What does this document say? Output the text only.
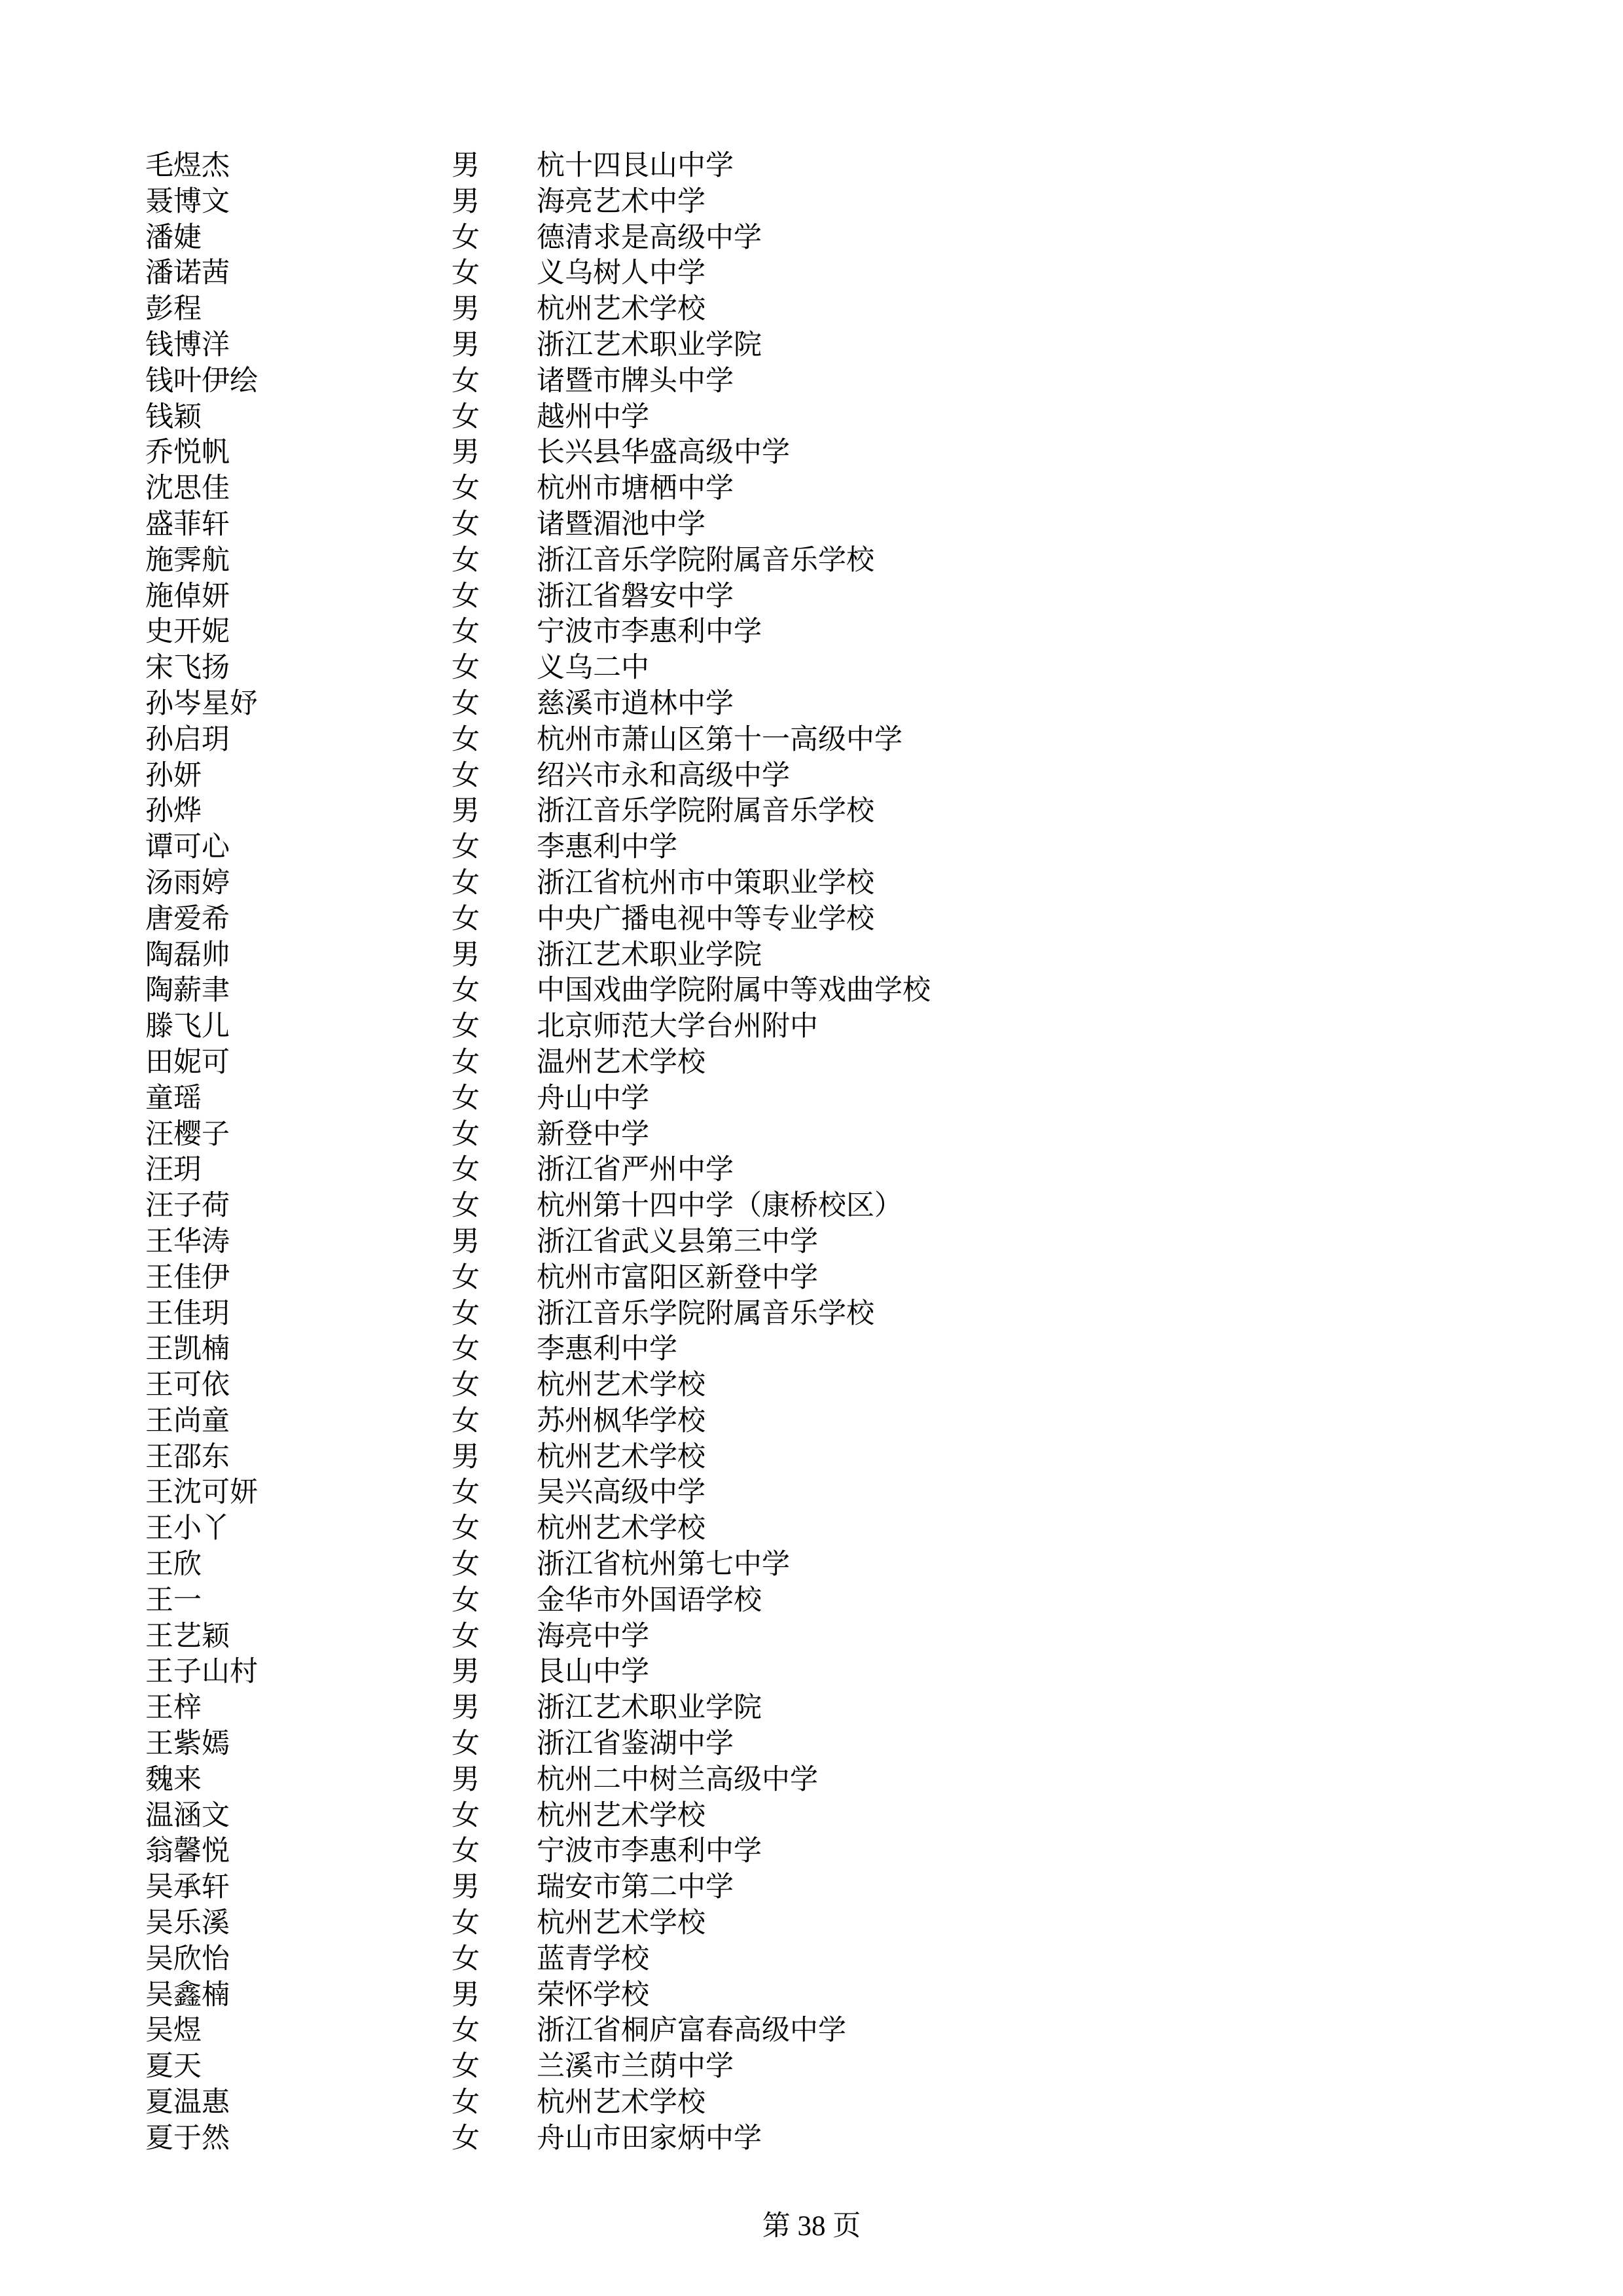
毛煜杰	男 杭十四艮山中学
聂博文	男 海亮艺术中学
潘婕	女 德清求是高级中学
潘诺茜	女 义乌树人中学
彭程	男 杭州艺术学校
钱博洋	男 浙江艺术职业学院
钱叶伊绘	女 诸暨市牌头中学
钱颖	女 越州中学
乔悦帆	男 长兴县华盛高级中学
沈思佳	女 杭州市塘栖中学
盛菲轩	女 诸暨湄池中学
施霁航	女 浙江音乐学院附属音乐学校
施倬妍	女 浙江省磐安中学
史开妮	女 宁波市李惠利中学
宋飞扬	女 义乌二中
孙岑星妤	女 慈溪市逍林中学
孙启玥	女 杭州市萧山区第十一高级中学
孙妍	女 绍兴市永和高级中学
孙烨	男 浙江音乐学院附属音乐学校
谭可心	女 李惠利中学
汤雨婷	女 浙江省杭州市中策职业学校
唐爱希	女 中央广播电视中等专业学校
陶磊帅	男 浙江艺术职业学院
陶薪聿	女 中国戏曲学院附属中等戏曲学校
滕飞儿	女 北京师范大学台州附中
田妮可	女 温州艺术学校
童瑶	女 舟山中学
汪樱子	女 新登中学
汪玥	女 浙江省严州中学
汪子荷	女 杭州第十四中学（康桥校区）
王华涛	男 浙江省武义县第三中学
王佳伊	女 杭州市富阳区新登中学
王佳玥	女 浙江音乐学院附属音乐学校
王凯楠	女 李惠利中学
王可依	女 杭州艺术学校
王尚童	女 苏州枫华学校
王邵东	男 杭州艺术学校
王沈可妍	女 吴兴高级中学
王小丫	女 杭州艺术学校
王欣	女 浙江省杭州第七中学
王一	女 金华市外国语学校
王艺颖	女 海亮中学
王子山村	男 艮山中学
王梓	男 浙江艺术职业学院
王紫嫣	女 浙江省鉴湖中学
魏来	男 杭州二中树兰高级中学
温涵文	女 杭州艺术学校
翁馨悦	女 宁波市李惠利中学
吴承轩	男 瑞安市第二中学
吴乐溪	女 杭州艺术学校
吴欣怡	女 蓝青学校
吴鑫楠	男 荣怀学校
吴煜	女 浙江省桐庐富春高级中学
夏天	女 兰溪市兰荫中学
夏温惠	女 杭州艺术学校
夏于然	女 舟山市田家炳中学
第 38 页
